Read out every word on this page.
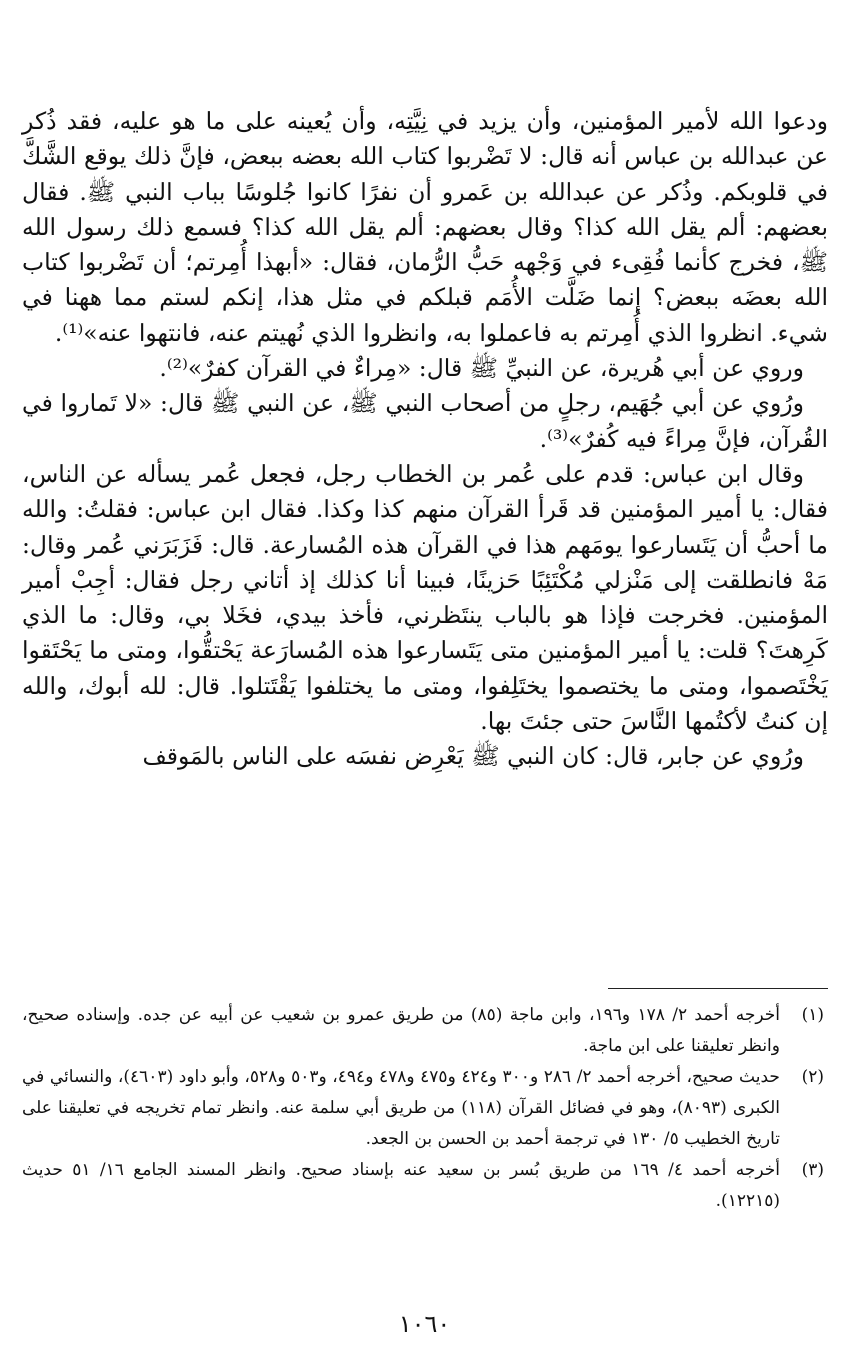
ودعوا الله لأمير المؤمنين، وأن يزيد في نِيَّتِه، وأن يُعينه على ما هو عليه، فقد ذُكر عن عبدالله بن عباس أنه قال: لا تَضْربوا كتاب الله بعضه ببعض، فإنَّ ذلك يوقع الشَّكَّ في قلوبكم. وذُكر عن عبدالله بن عَمرو أن نفرًا كانوا جُلوسًا بباب النبي ﷺ. فقال بعضهم: ألم يقل الله كذا؟ وقال بعضهم: ألم يقل الله كذا؟ فسمع ذلك رسول الله ﷺ، فخرج كأنما فُقِىء في وَجْهه حَبُّ الرُّمان، فقال: «أبهذا أُمِرتم؛ أن تَضْربوا كتاب الله بعضَه ببعض؟ إنما ضَلَّت الأُمَم قبلكم في مثل هذا، إنكم لستم مما ههنا في شيء. انظروا الذي أُمِرتم به فاعملوا به، وانظروا الذي نُهيتم عنه، فانتهوا عنه»⁽¹⁾.

وروي عن أبي هُريرة، عن النبيِّ ﷺ قال: «مِراءٌ في القرآن كفرٌ»⁽²⁾.

ورُوي عن أبي جُهَيم، رجلٍ من أصحاب النبي ﷺ، عن النبي ﷺ قال: «لا تَماروا في القُرآن، فإنَّ مِراءً فيه كُفرٌ»⁽³⁾.

وقال ابن عباس: قدم على عُمر بن الخطاب رجل، فجعل عُمر يسأله عن الناس، فقال: يا أمير المؤمنين قد قَرأ القرآن منهم كذا وكذا. فقال ابن عباس: فقلتُ: والله ما أحبُّ أن يَتَسارعوا يومَهم هذا في القرآن هذه المُسارعة. قال: فَزَبَرَني عُمر وقال: مَهْ فانطلقت إلى مَنْزلي مُكْتَئِبًا حَزينًا، فبينا أنا كذلك إذ أتاني رجل فقال: أجِبْ أمير المؤمنين. فخرجت فإذا هو بالباب ينتَظرني، فأخذ بيدي، فخَلا بي، وقال: ما الذي كَرِهتَ؟ قلت: يا أمير المؤمنين متى يَتَسارعوا هذه المُسارَعة يَحْتقُّوا، ومتى ما يَحْتَقوا يَخْتَصموا، ومتى ما يختصموا يختَلِفوا، ومتى ما يختلفوا يَقْتَتلوا. قال: لله أبوك، والله إن كنتُ لأكتُمها النَّاسَ حتى جئتَ بها.

ورُوي عن جابر، قال: كان النبي ﷺ يَعْرِض نفسَه على الناس بالمَوقف

(١)
أخرجه أحمد ٢/ ١٧٨ و١٩٦، وابن ماجة (٨٥) من طريق عمرو بن شعيب عن أبيه عن جده. وإسناده صحيح، وانظر تعليقنا على ابن ماجة.
(٢)
حديث صحيح، أخرجه أحمد ٢/ ٢٨٦ و٣٠٠ و٤٢٤ و٤٧٥ و٤٧٨ و٤٩٤، و٥٠٣ و٥٢٨، وأبو داود (٤٦٠٣)، والنسائي في الكبرى (٨٠٩٣)، وهو في فضائل القرآن (١١٨) من طريق أبي سلمة عنه. وانظر تمام تخريجه في تعليقنا على تاريخ الخطيب ٥/ ١٣٠ في ترجمة أحمد بن الحسن بن الجعد.
(٣)
أخرجه أحمد ٤/ ١٦٩ من طريق بُسر بن سعيد عنه بإسناد صحيح. وانظر المسند الجامع ١٦/ ٥١ حديث (١٢٢١٥).
١٠٦٠
